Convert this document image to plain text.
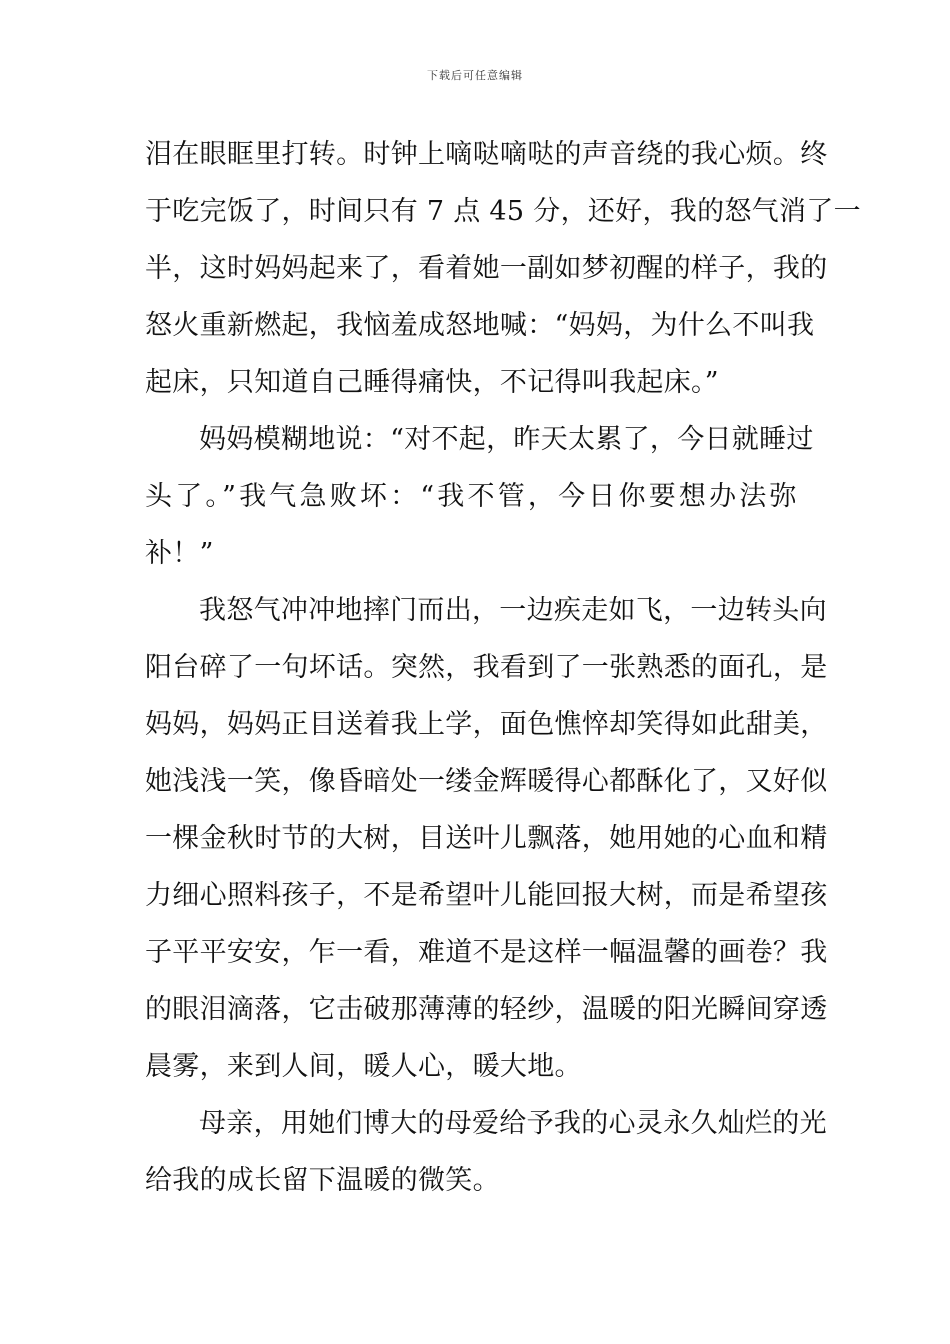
下载后可任意编辑
泪在眼眶里打转。时钟上嘀哒嘀哒的声音绕的我心烦。终
于吃完饭了，时间只有 7 点 45 分，还好，我的怒气消了一
半，这时妈妈起来了，看着她一副如梦初醒的样子，我的
怒火重新燃起，我恼羞成怒地喊：“妈妈，为什么不叫我
起床，只知道自己睡得痛快，不记得叫我起床。”
妈妈模糊地说：“对不起，昨天太累了，今日就睡过
头了。”我气急败坏：“我不管，今日你要想办法弥
补！”
我怒气冲冲地摔门而出，一边疾走如飞，一边转头向
阳台碎了一句坏话。突然，我看到了一张熟悉的面孔，是
妈妈，妈妈正目送着我上学，面色憔悴却笑得如此甜美，
她浅浅一笑，像昏暗处一缕金辉暖得心都酥化了，又好似
一棵金秋时节的大树，目送叶儿飘落，她用她的心血和精
力细心照料孩子，不是希望叶儿能回报大树，而是希望孩
子平平安安，乍一看，难道不是这样一幅温馨的画卷？我
的眼泪滴落，它击破那薄薄的轻纱，温暖的阳光瞬间穿透
晨雾，来到人间，暖人心，暖大地。
母亲，用她们博大的母爱给予我的心灵永久灿烂的光
给我的成长留下温暖的微笑。
